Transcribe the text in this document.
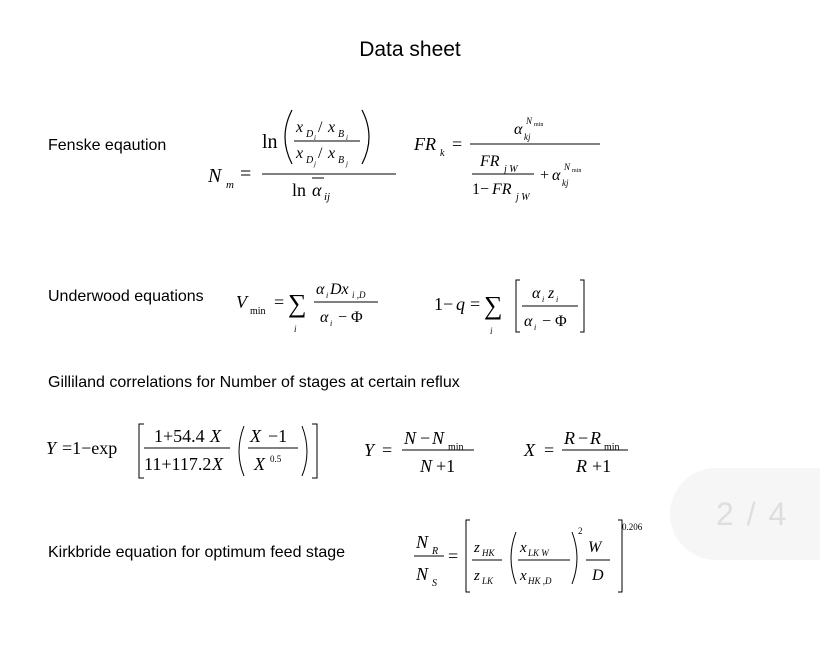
Data sheet
Fenske eqaution
N m =
ln
x D i
/ x B i
x D j
/ x B j
ln α ij
FR k =
α kj
N min
FR j W
1− FR j W
+ α kj
N min
Underwood equations V min = ∑
i
α i Dx i ,D
α i − Φ
1− q = ∑
i
α i z i
α i − Φ
Gilliland correlations for Number of stages at certain reflux
Y =1−exp
1+54.4 X
11+117.2 X
X −1
X 0.5	Y =
N − N min
N +1
X =
R − R min
R +1
Kirkbride equation for optimum feed stage
N R
N S
= z HK
z LK
x LK W
x HK ,D
2
W
D
0.206 2 / 4
